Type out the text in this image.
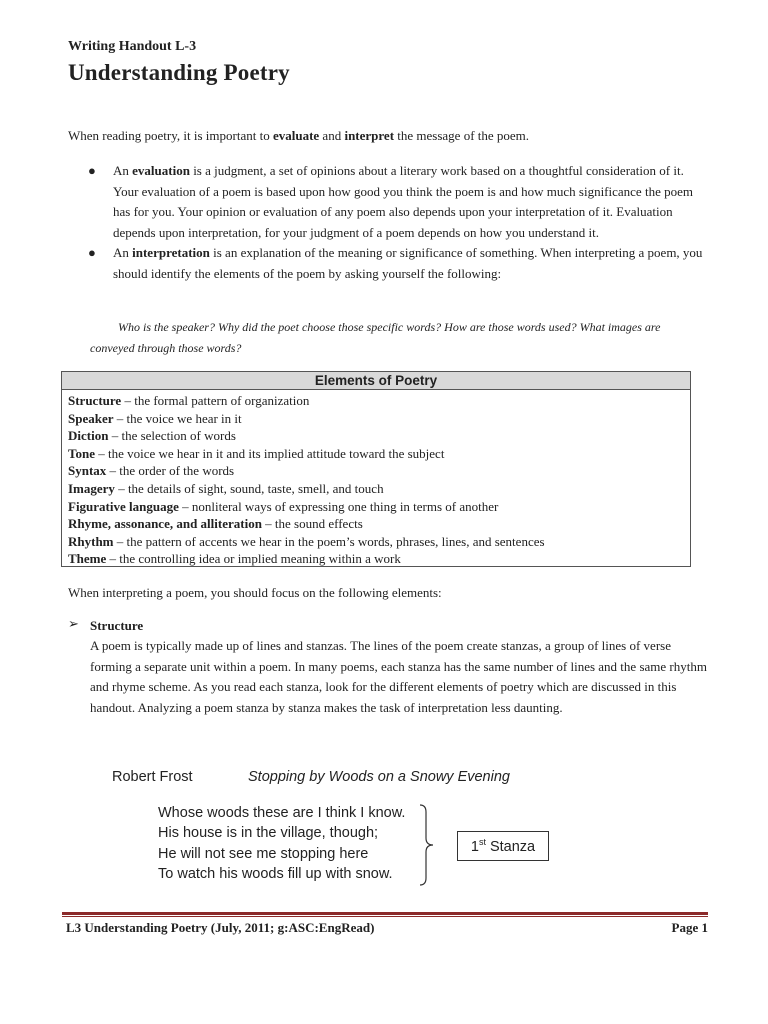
Writing Handout L-3
Understanding Poetry
When reading poetry, it is important to evaluate and interpret the message of the poem.
● An evaluation is a judgment, a set of opinions about a literary work based on a thoughtful consideration of it. Your evaluation of a poem is based upon how good you think the poem is and how much significance the poem has for you. Your opinion or evaluation of any poem also depends upon your interpretation of it. Evaluation depends upon interpretation, for your judgment of a poem depends on how you understand it.
● An interpretation is an explanation of the meaning or significance of something. When interpreting a poem, you should identify the elements of the poem by asking yourself the following:
Who is the speaker? Why did the poet choose those specific words? How are those words used? What images are conveyed through those words?
Elements of Poetry
Structure – the formal pattern of organization
Speaker – the voice we hear in it
Diction – the selection of words
Tone – the voice we hear in it and its implied attitude toward the subject
Syntax – the order of the words
Imagery – the details of sight, sound, taste, smell, and touch
Figurative language – nonliteral ways of expressing one thing in terms of another
Rhyme, assonance, and alliteration – the sound effects
Rhythm – the pattern of accents we hear in the poem’s words, phrases, lines, and sentences
Theme – the controlling idea or implied meaning within a work
When interpreting a poem, you should focus on the following elements:
➢ Structure
A poem is typically made up of lines and stanzas. The lines of the poem create stanzas, a group of lines of verse forming a separate unit within a poem. In many poems, each stanza has the same number of lines and the same rhythm and rhyme scheme. As you read each stanza, look for the different elements of poetry which are discussed in this handout. Analyzing a poem stanza by stanza makes the task of interpretation less daunting.
Robert Frost	Stopping by Woods on a Snowy Evening
Whose woods these are I think I know.
His house is in the village, though;
He will not see me stopping here
To watch his woods fill up with snow.
1st Stanza
L3 Understanding Poetry (July, 2011; g:ASC:EngRead)	Page 1
